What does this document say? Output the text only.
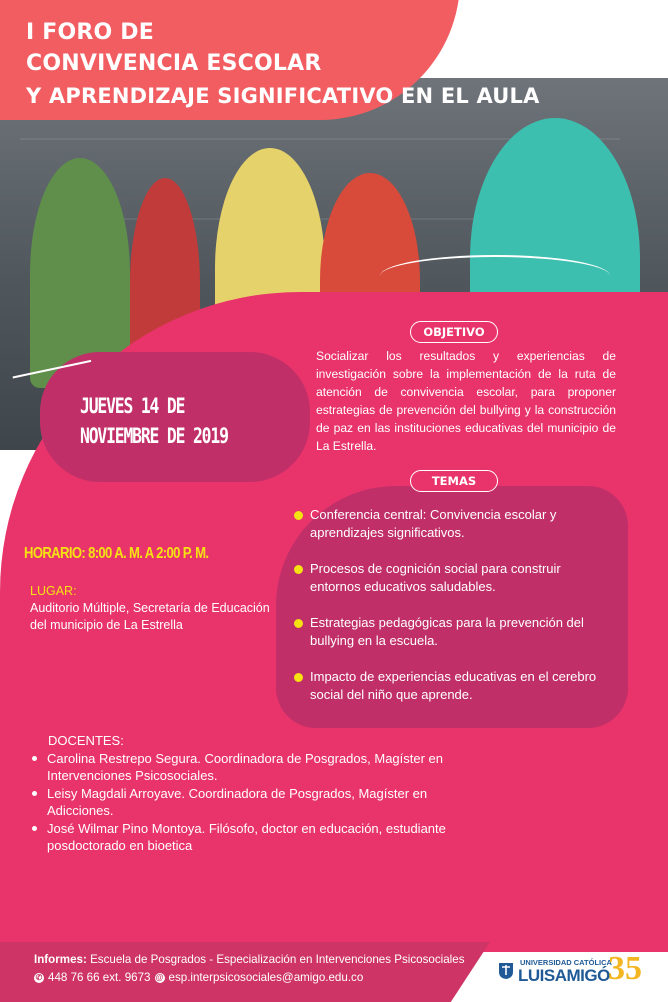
I FORO DE
CONVIVENCIA ESCOLAR
Y APRENDIZAJE SIGNIFICATIVO EN EL AULA
OBJETIVO
Socializar los resultados y experiencias de investigación sobre la implementación de la ruta de atención de convivencia escolar, para proponer estrategias de prevención del bullying y la construcción de paz en las instituciones educativas del municipio de La Estrella.
JUEVES 14 DE
NOVIEMBRE DE 2019
TEMAS
Conferencia central: Convivencia escolar y aprendizajes significativos.
Procesos de cognición social para construir entornos educativos saludables.
Estrategias pedagógicas para la prevención del bullying en la escuela.
Impacto de experiencias educativas en el cerebro social del niño que aprende.
HORARIO: 8:00 A. M. A 2:00 P. M.
LUGAR:
Auditorio Múltiple, Secretaría de Educación del municipio de La Estrella
DOCENTES:
Carolina Restrepo Segura. Coordinadora de Posgrados, Magíster en Intervenciones Psicosociales.
Leisy Magdali Arroyave. Coordinadora de Posgrados, Magíster en Adicciones.
José Wilmar Pino Montoya. Filósofo, doctor en educación, estudiante posdoctorado en bioetica
Informes: Escuela de Posgrados - Especialización en Intervenciones Psicosociales
✆ 448 76 66 ext. 9673 @ esp.interpsicosociales@amigo.edu.co
UNIVERSIDAD CATÓLICA
LUISAMIGÓ
35
